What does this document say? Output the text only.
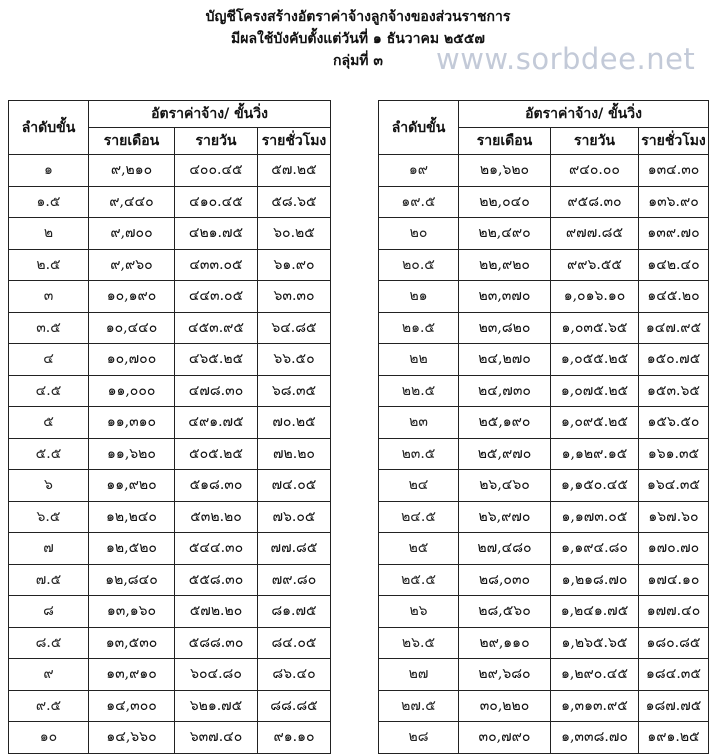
บัญชีโครงสร้างอัตราค่าจ้างลูกจ้างของส่วนราชการ
มีผลใช้บังคับตั้งแต่วันที่ ๑ ธันวาคม ๒๕๕๗
กลุ่มที่ ๓	www.sorbdee.net
ลำดับขั้น	อัตราค่าจ้าง/ ขั้นวิ่ง		
	รายเดือน	รายวัน	รายชั่วโมง
๑	๙,๒๑๐	๔๐๐.๔๕	๕๗.๒๕
๑.๕	๙,๔๔๐	๔๑๐.๔๕	๕๘.๖๕
๒	๙,๗๐๐	๔๒๑.๗๕	๖๐.๒๕
๒.๕	๙,๙๖๐	๔๓๓.๐๕	๖๑.๙๐
๓	๑๐,๑๙๐	๔๔๓.๐๕	๖๓.๓๐
๓.๕	๑๐,๔๔๐	๔๕๓.๙๕	๖๔.๘๕
๔	๑๐,๗๐๐	๔๖๕.๒๕	๖๖.๕๐
๔.๕	๑๑,๐๐๐	๔๗๘.๓๐	๖๘.๓๕
๕	๑๑,๓๑๐	๔๙๑.๗๕	๗๐.๒๕
๕.๕	๑๑,๖๒๐	๕๐๕.๒๕	๗๒.๒๐
๖	๑๑,๙๒๐	๕๑๘.๓๐	๗๔.๐๕
๖.๕	๑๒,๒๔๐	๕๓๒.๒๐	๗๖.๐๕
๗	๑๒,๕๒๐	๕๔๔.๓๐	๗๗.๘๕
๗.๕	๑๒,๘๔๐	๕๕๘.๓๐	๗๙.๘๐
๘	๑๓,๑๖๐	๕๗๒.๒๐	๘๑.๗๕
๘.๕	๑๓,๕๓๐	๕๘๘.๓๐	๘๔.๐๕
๙	๑๓,๙๑๐	๖๐๔.๘๐	๘๖.๔๐
๙.๕	๑๔,๓๐๐	๖๒๑.๗๕	๘๘.๘๕
๑๐	๑๔,๖๖๐	๖๓๗.๔๐	๙๑.๑๐
ลำดับขั้น	อัตราค่าจ้าง/ ขั้นวิ่ง		
	รายเดือน	รายวัน	รายชั่วโมง
๑๙	๒๑,๖๒๐	๙๔๐.๐๐	๑๓๔.๓๐
๑๙.๕	๒๒,๐๔๐	๙๕๘.๓๐	๑๓๖.๙๐
๒๐	๒๒,๔๙๐	๙๗๗.๘๕	๑๓๙.๗๐
๒๐.๕	๒๒,๙๒๐	๙๙๖.๕๕	๑๔๒.๔๐
๒๑	๒๓,๓๗๐	๑,๐๑๖.๑๐	๑๔๕.๒๐
๒๑.๕	๒๓,๘๒๐	๑,๐๓๕.๖๕	๑๔๗.๙๕
๒๒	๒๔,๒๗๐	๑,๐๕๕.๒๕	๑๕๐.๗๕
๒๒.๕	๒๔,๗๓๐	๑,๐๗๕.๒๕	๑๕๓.๖๕
๒๓	๒๕,๑๙๐	๑,๐๙๕.๒๕	๑๕๖.๕๐
๒๓.๕	๒๕,๙๗๐	๑,๑๒๙.๑๕	๑๖๑.๓๕
๒๔	๒๖,๔๖๐	๑,๑๕๐.๔๕	๑๖๔.๓๕
๒๔.๕	๒๖,๙๗๐	๑,๑๗๓.๐๕	๑๖๗.๖๐
๒๕	๒๗,๔๘๐	๑,๑๙๔.๘๐	๑๗๐.๗๐
๒๕.๕	๒๘,๐๓๐	๑,๒๑๘.๗๐	๑๗๔.๑๐
๒๖	๒๘,๕๖๐	๑,๒๔๑.๗๕	๑๗๗.๔๐
๒๖.๕	๒๙,๑๑๐	๑,๒๖๕.๖๕	๑๘๐.๘๕
๒๗	๒๙,๖๘๐	๑,๒๙๐.๔๕	๑๘๔.๓๕
๒๗.๕	๓๐,๒๒๐	๑,๓๑๓.๙๕	๑๘๗.๗๕
๒๘	๓๐,๗๙๐	๑,๓๓๘.๗๐	๑๙๑.๒๕
